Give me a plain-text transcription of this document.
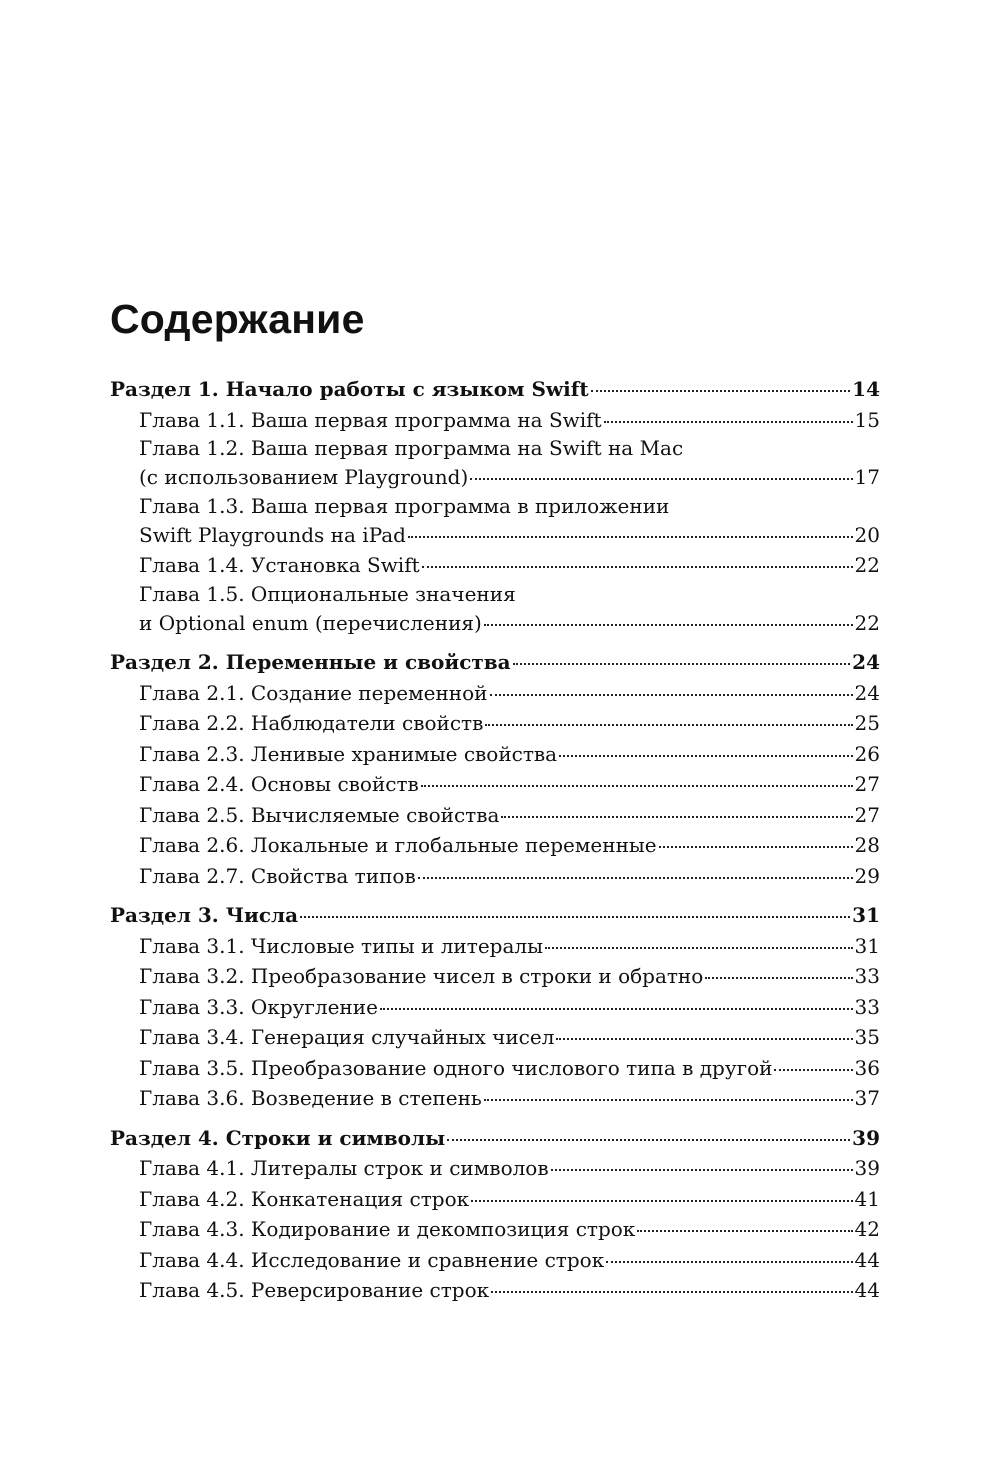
Содержание
Раздел 1. Начало работы с языком Swift	14
Глава 1.1. Ваша первая программа на Swift	15
Глава 1.2. Ваша первая программа на Swift на Mac
(с использованием Playground)	17
Глава 1.3. Ваша первая программа в приложении
Swift Playgrounds на iPad	20
Глава 1.4. Установка Swift	22
Глава 1.5. Опциональные значения
и Optional enum (перечисления)	22
Раздел 2. Переменные и свойства	24
Глава 2.1. Создание переменной	24
Глава 2.2. Наблюдатели свойств	25
Глава 2.3. Ленивые хранимые свойства	26
Глава 2.4. Основы свойств	27
Глава 2.5. Вычисляемые свойства	27
Глава 2.6. Локальные и глобальные переменные	28
Глава 2.7. Свойства типов	29
Раздел 3. Числа	31
Глава 3.1. Числовые типы и литералы	31
Глава 3.2. Преобразование чисел в строки и обратно	33
Глава 3.3. Округление	33
Глава 3.4. Генерация случайных чисел	35
Глава 3.5. Преобразование одного числового типа в другой	36
Глава 3.6. Возведение в степень	37
Раздел 4. Строки и символы	39
Глава 4.1. Литералы строк и символов	39
Глава 4.2. Конкатенация строк	41
Глава 4.3. Кодирование и декомпозиция строк	42
Глава 4.4. Исследование и сравнение строк	44
Глава 4.5. Реверсирование строк	44
